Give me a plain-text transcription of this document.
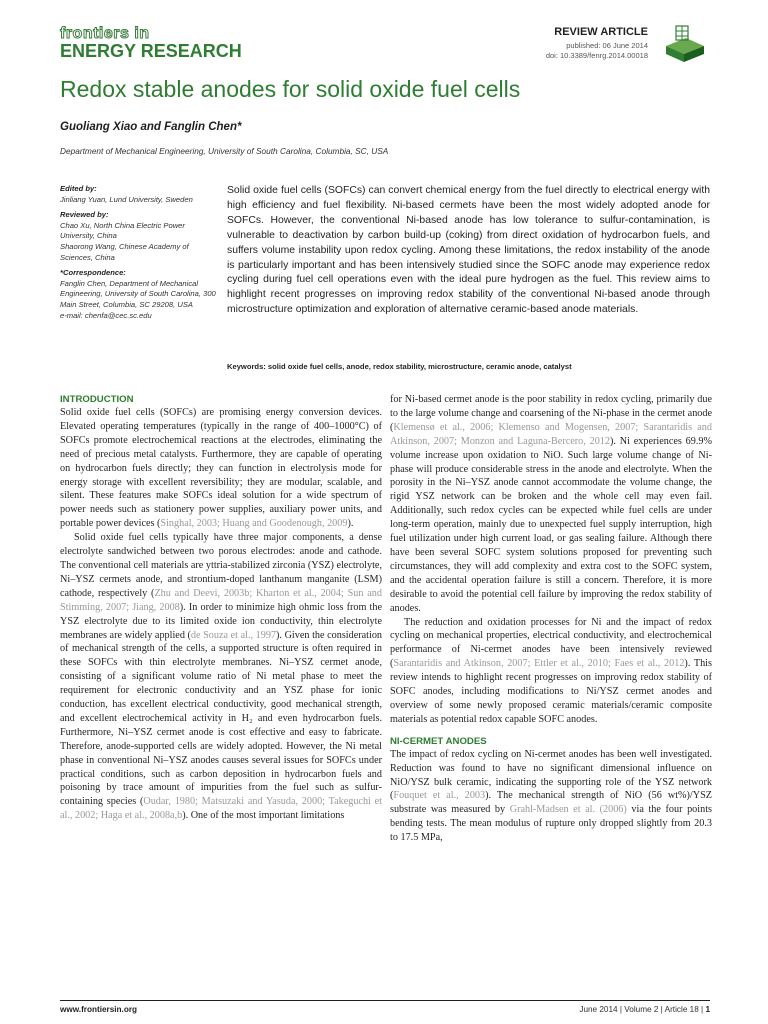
frontiers in
ENERGY RESEARCH
REVIEW ARTICLE
published: 06 June 2014
doi: 10.3389/fenrg.2014.00018
Redox stable anodes for solid oxide fuel cells
Guoliang Xiao and Fanglin Chen*
Department of Mechanical Engineering, University of South Carolina, Columbia, SC, USA
Edited by:
Jinliang Yuan, Lund University, Sweden
Reviewed by:
Chao Xu, North China Electric Power University, China
Shaorong Wang, Chinese Academy of Sciences, China
*Correspondence:
Fanglin Chen, Department of Mechanical Engineering, University of South Carolina, 300 Main Street, Columbia, SC 29208, USA
e-mail: chenfa@cec.sc.edu
Solid oxide fuel cells (SOFCs) can convert chemical energy from the fuel directly to electrical energy with high efficiency and fuel flexibility. Ni-based cermets have been the most widely adopted anode for SOFCs. However, the conventional Ni-based anode has low tolerance to sulfur-contamination, is vulnerable to deactivation by carbon build-up (coking) from direct oxidation of hydrocarbon fuels, and suffers volume instability upon redox cycling. Among these limitations, the redox instability of the anode is particularly important and has been intensively studied since the SOFC anode may experience redox cycling during fuel cell operations even with the ideal pure hydrogen as the fuel. This review aims to highlight recent progresses on improving redox stability of the conventional Ni-based anode through microstructure optimization and exploration of alternative ceramic-based anode materials.
Keywords: solid oxide fuel cells, anode, redox stability, microstructure, ceramic anode, catalyst
INTRODUCTION

Solid oxide fuel cells (SOFCs) are promising energy conversion devices. Elevated operating temperatures (typically in the range of 400–1000°C) of SOFCs promote electrochemical reactions at the electrodes, eliminating the need of precious metal catalysts. Furthermore, they are capable of operating on hydrocarbon fuels directly; they can function in electrolysis mode for energy storage with excellent reversibility; they are modular, scalable, and silent. These features make SOFCs ideal solution for a wide spectrum of power needs such as stationery power supplies, auxiliary power units, and portable power devices (Singhal, 2003; Huang and Goodenough, 2009).

Solid oxide fuel cells typically have three major components, a dense electrolyte sandwiched between two porous electrodes: anode and cathode. The conventional cell materials are yttria-stabilized zirconia (YSZ) electrolyte, Ni–YSZ cermets anode, and strontium-doped lanthanum manganite (LSM) cathode, respectively (Zhu and Deevi, 2003b; Kharton et al., 2004; Sun and Stimming, 2007; Jiang, 2008). In order to minimize high ohmic loss from the YSZ electrolyte due to its limited oxide ion conductivity, thin electrolyte membranes are widely applied (de Souza et al., 1997). Given the consideration of mechanical strength of the cells, a supported structure is often required in these SOFCs with thin electrolyte membranes. Ni–YSZ cermet anode, consisting of a significant volume ratio of Ni metal phase to meet the requirement for electronic conductivity and an YSZ phase for ionic conduction, has excellent electrical conductivity, good mechanical strength, and excellent electrochemical activity in H₂ and even hydrocarbon fuels. Furthermore, Ni–YSZ cermet anode is cost effective and easy to fabricate. Therefore, anode-supported cells are widely adopted. However, the Ni metal phase in conventional Ni–YSZ anodes causes several issues for SOFCs under practical conditions, such as carbon deposition in hydrocarbon fuels and poisoning by trace amount of impurities from the fuel such as sulfur-containing species (Oudar, 1980; Matsuzaki and Yasuda, 2000; Takeguchi et al., 2002; Haga et al., 2008a,b). One of the most important limitations

for Ni-based cermet anode is the poor stability in redox cycling, primarily due to the large volume change and coarsening of the Ni-phase in the cermet anode (Klemensø et al., 2006; Klemenso and Mogensen, 2007; Sarantaridis and Atkinson, 2007; Monzon and Laguna-Bercero, 2012). Ni experiences 69.9% volume increase upon oxidation to NiO. Such large volume change of Ni-phase will produce considerable stress in the anode and electrolyte. When the porosity in the Ni–YSZ anode cannot accommodate the volume change, the rigid YSZ network can be broken and the whole cell may even fail. Additionally, such redox cycles can be expected while fuel cells are under long-term operation, mainly due to unexpected fuel supply interruption, high fuel utilization under high current load, or gas sealing failure. Although there have been several SOFC system solutions proposed for preventing such circumstances, they will add complexity and extra cost to the SOFC system, and the accidental operation failure is still a concern. Therefore, it is more desirable to avoid the potential cell failure by improving the redox stability of anodes.

The reduction and oxidation processes for Ni and the impact of redox cycling on mechanical properties, electrical conductivity, and electrochemical performance of Ni-cermet anodes have been intensively reviewed (Sarantaridis and Atkinson, 2007; Ettler et al., 2010; Faes et al., 2012). This review intends to highlight recent progresses on improving redox stability of SOFC anodes, including modifications to Ni/YSZ cermet anodes and overview of some newly proposed ceramic materials/ceramic composite materials as potential redox capable SOFC anodes.

NI-CERMET ANODES

The impact of redox cycling on Ni-cermet anodes has been well investigated. Reduction was found to have no significant dimensional influence on NiO/YSZ bulk ceramic, indicating the supporting role of the YSZ network (Fouquet et al., 2003). The mechanical strength of NiO (56 wt%)/YSZ substrate was measured by Grahl-Madsen et al. (2006) via the four points bending tests. The mean modulus of rupture only dropped slightly from 20.3 to 17.5 MPa,

www.frontiersin.org	June 2014 | Volume 2 | Article 18 | 1
